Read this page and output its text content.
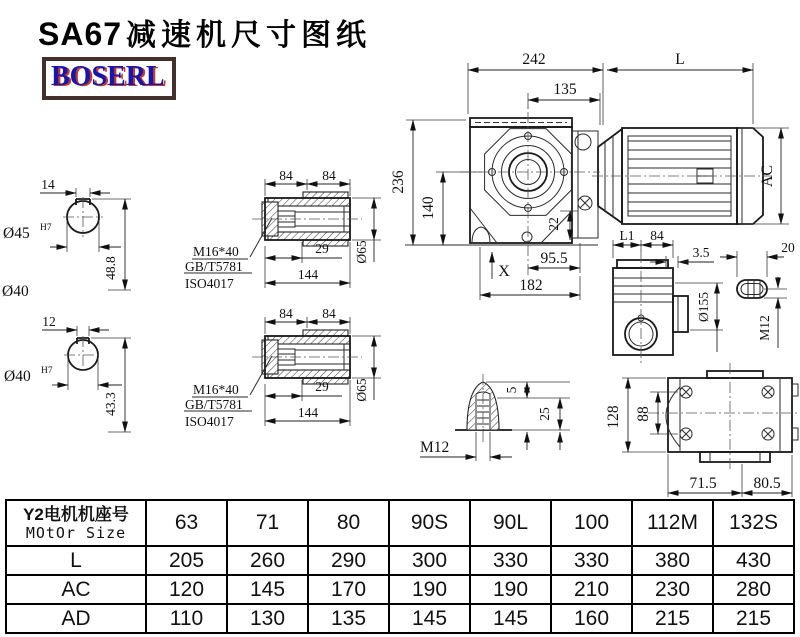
SA67 减速机尺寸图纸
BOSERL
14
Ø45 H7
48.8
Ø40
12
Ø40 H7
43.3
84 84
29
144
Ø65
M16*40
GB/T5781
ISO4017
242	L
135
236
140
AC
22
95.5
182
X
L1 84
3.5	20
M12
Ø155
128 88
71.5 80.5
5
25
M12
Y2电机机座号
MOtOr Size	63	71	80	90S	90L	100	112M	132S
L	205	260	290	300	330	330	380	430
AC	120	145	170	190	190	210	230	280
AD	110	130	135	145	145	160	215	215
